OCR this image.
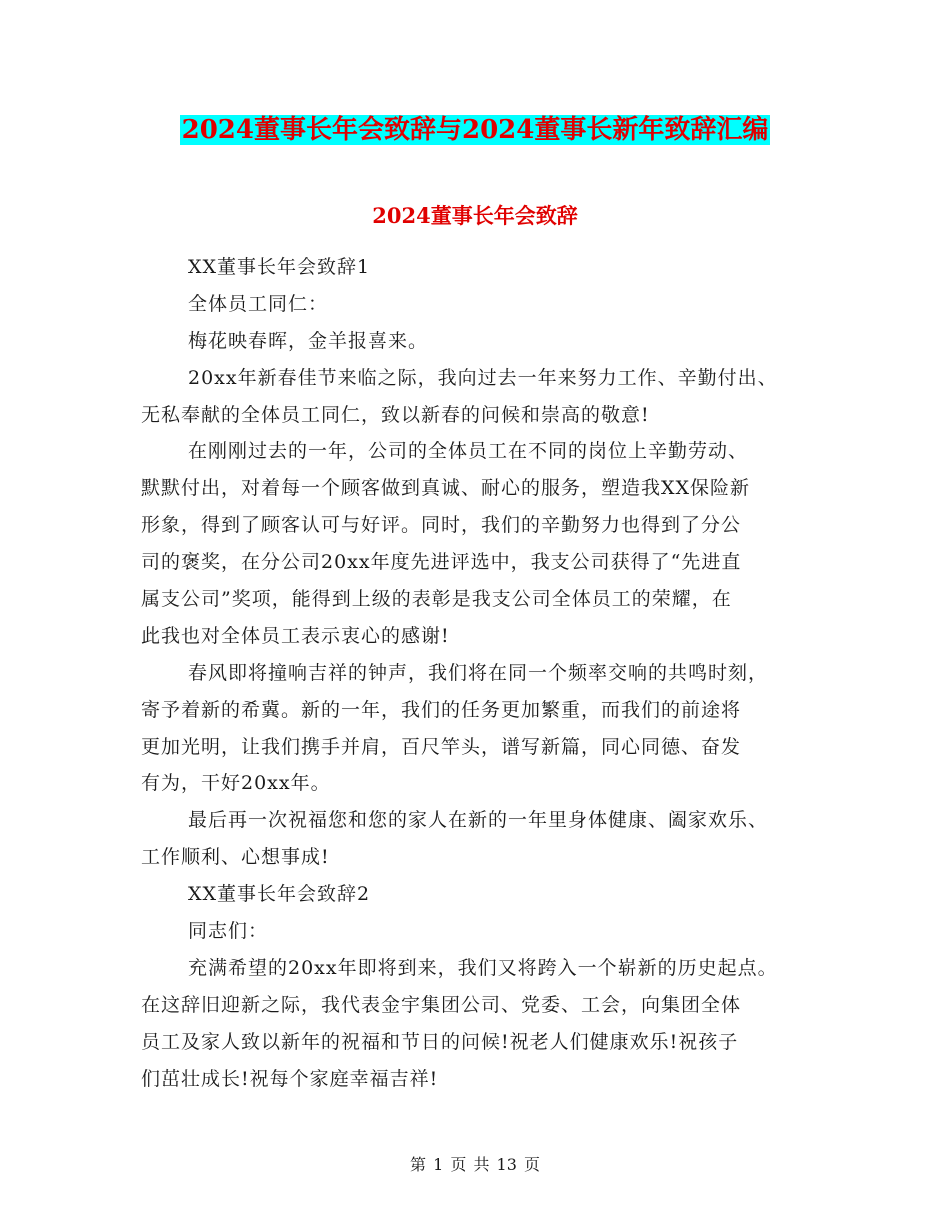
2024董事长年会致辞与2024董事长新年致辞汇编
2024董事长年会致辞
XX董事长年会致辞1
全体员工同仁：
梅花映春晖，金羊报喜来。
20xx年新春佳节来临之际，我向过去一年来努力工作、辛勤付出、
无私奉献的全体员工同仁，致以新春的问候和崇高的敬意!
在刚刚过去的一年，公司的全体员工在不同的岗位上辛勤劳动、
默默付出，对着每一个顾客做到真诚、耐心的服务，塑造我XX保险新
形象，得到了顾客认可与好评。同时，我们的辛勤努力也得到了分公
司的褒奖，在分公司20xx年度先进评选中，我支公司获得了“先进直
属支公司”奖项，能得到上级的表彰是我支公司全体员工的荣耀，在
此我也对全体员工表示衷心的感谢!
春风即将撞响吉祥的钟声，我们将在同一个频率交响的共鸣时刻，
寄予着新的希冀。新的一年，我们的任务更加繁重，而我们的前途将
更加光明，让我们携手并肩，百尺竿头，谱写新篇，同心同德、奋发
有为，干好20xx年。
最后再一次祝福您和您的家人在新的一年里身体健康、阖家欢乐、
工作顺利、心想事成!
XX董事长年会致辞2
同志们：
充满希望的20xx年即将到来，我们又将跨入一个崭新的历史起点。
在这辞旧迎新之际，我代表金宇集团公司、党委、工会，向集团全体
员工及家人致以新年的祝福和节日的问候!祝老人们健康欢乐!祝孩子
们茁壮成长!祝每个家庭幸福吉祥!
第 1 页 共 13 页
